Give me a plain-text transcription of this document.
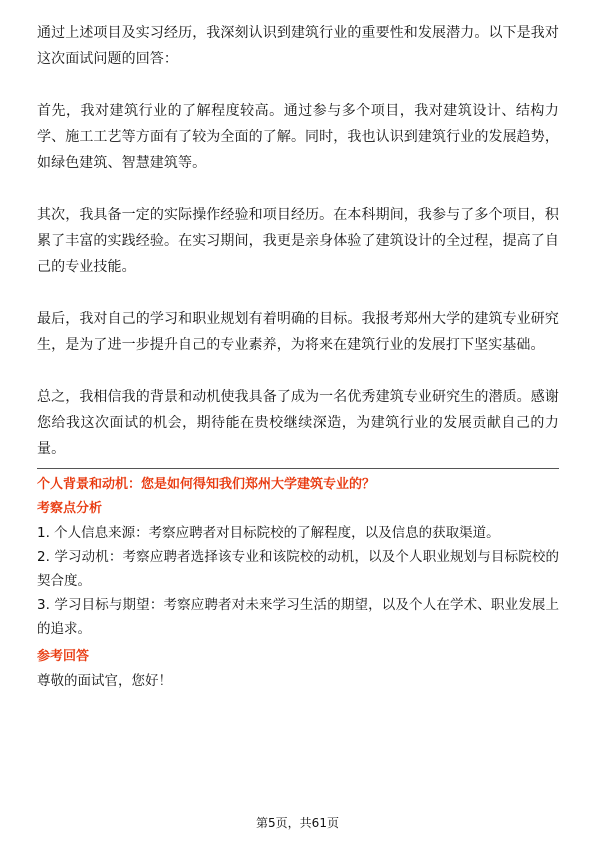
通过上述项目及实习经历，我深刻认识到建筑行业的重要性和发展潜力。以下是我对这次面试问题的回答：

首先，我对建筑行业的了解程度较高。通过参与多个项目，我对建筑设计、结构力学、施工工艺等方面有了较为全面的了解。同时，我也认识到建筑行业的发展趋势，如绿色建筑、智慧建筑等。

其次，我具备一定的实际操作经验和项目经历。在本科期间，我参与了多个项目，积累了丰富的实践经验。在实习期间，我更是亲身体验了建筑设计的全过程，提高了自己的专业技能。

最后，我对自己的学习和职业规划有着明确的目标。我报考郑州大学的建筑专业研究生，是为了进一步提升自己的专业素养，为将来在建筑行业的发展打下坚实基础。

总之，我相信我的背景和动机使我具备了成为一名优秀建筑专业研究生的潜质。感谢您给我这次面试的机会，期待能在贵校继续深造，为建筑行业的发展贡献自己的力量。

个人背景和动机：您是如何得知我们郑州大学建筑专业的？

考察点分析

1. 个人信息来源：考察应聘者对目标院校的了解程度，以及信息的获取渠道。

2. 学习动机：考察应聘者选择该专业和该院校的动机，以及个人职业规划与目标院校的契合度。

3. 学习目标与期望：考察应聘者对未来学习生活的期望，以及个人在学术、职业发展上的追求。

参考回答

尊敬的面试官，您好！

第5页，共61页
